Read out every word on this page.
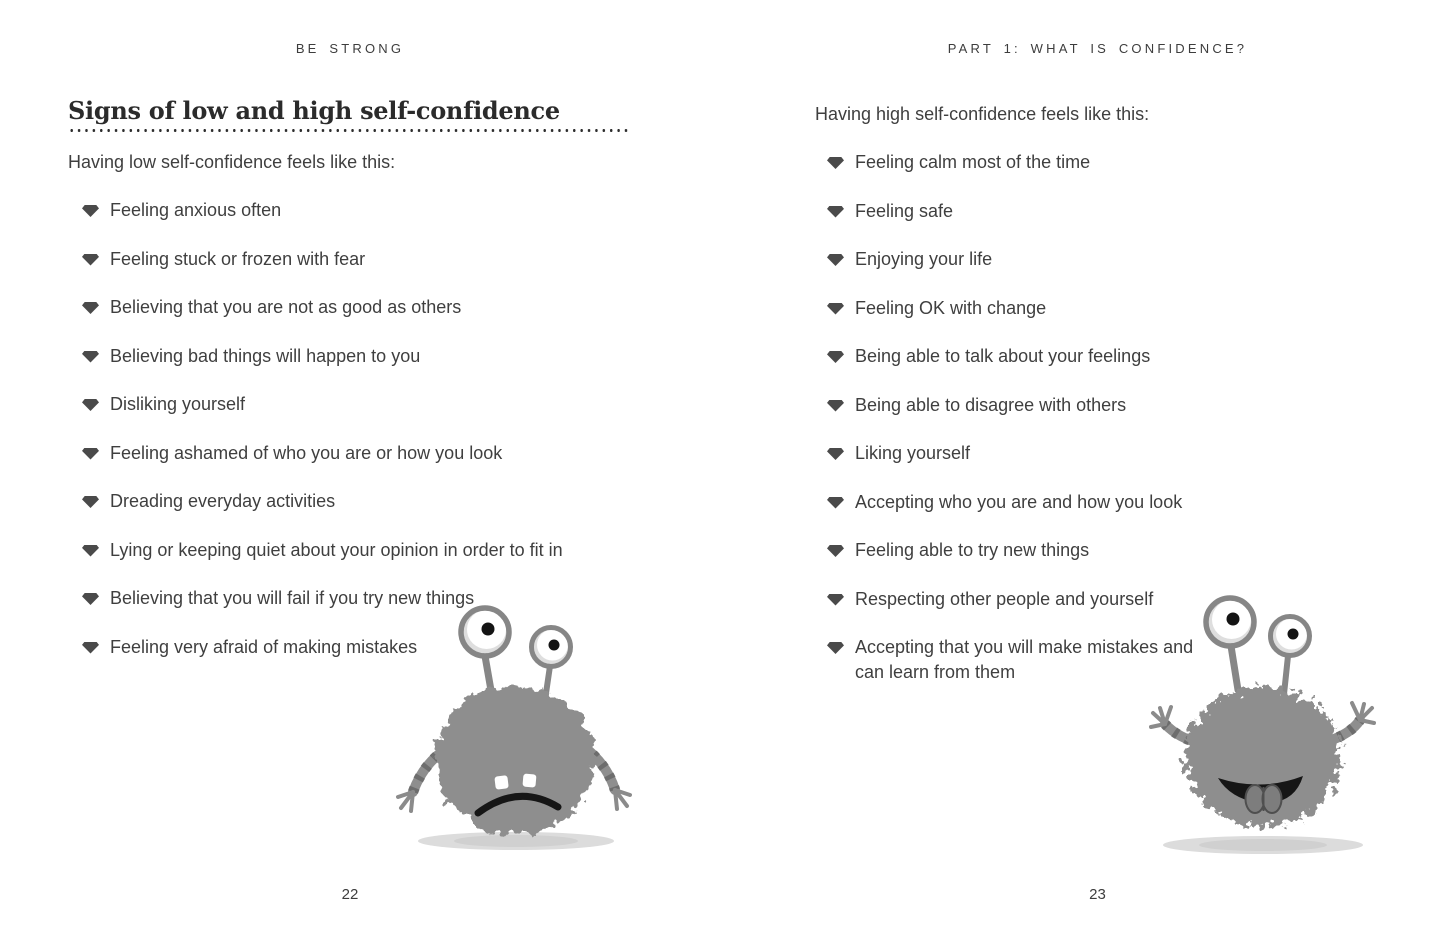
BE STRONG
Signs of low and high self-confidence
Having low self-confidence feels like this:
Feeling anxious often
Feeling stuck or frozen with fear
Believing that you are not as good as others
Believing bad things will happen to you
Disliking yourself
Feeling ashamed of who you are or how you look
Dreading everyday activities
Lying or keeping quiet about your opinion in order to fit in
Believing that you will fail if you try new things
Feeling very afraid of making mistakes
22
PART 1: WHAT IS CONFIDENCE?
Having high self-confidence feels like this:
Feeling calm most of the time
Feeling safe
Enjoying your life
Feeling OK with change
Being able to talk about your feelings
Being able to disagree with others
Liking yourself
Accepting who you are and how you look
Feeling able to try new things
Respecting other people and yourself
Accepting that you will make mistakes and can learn from them
23
